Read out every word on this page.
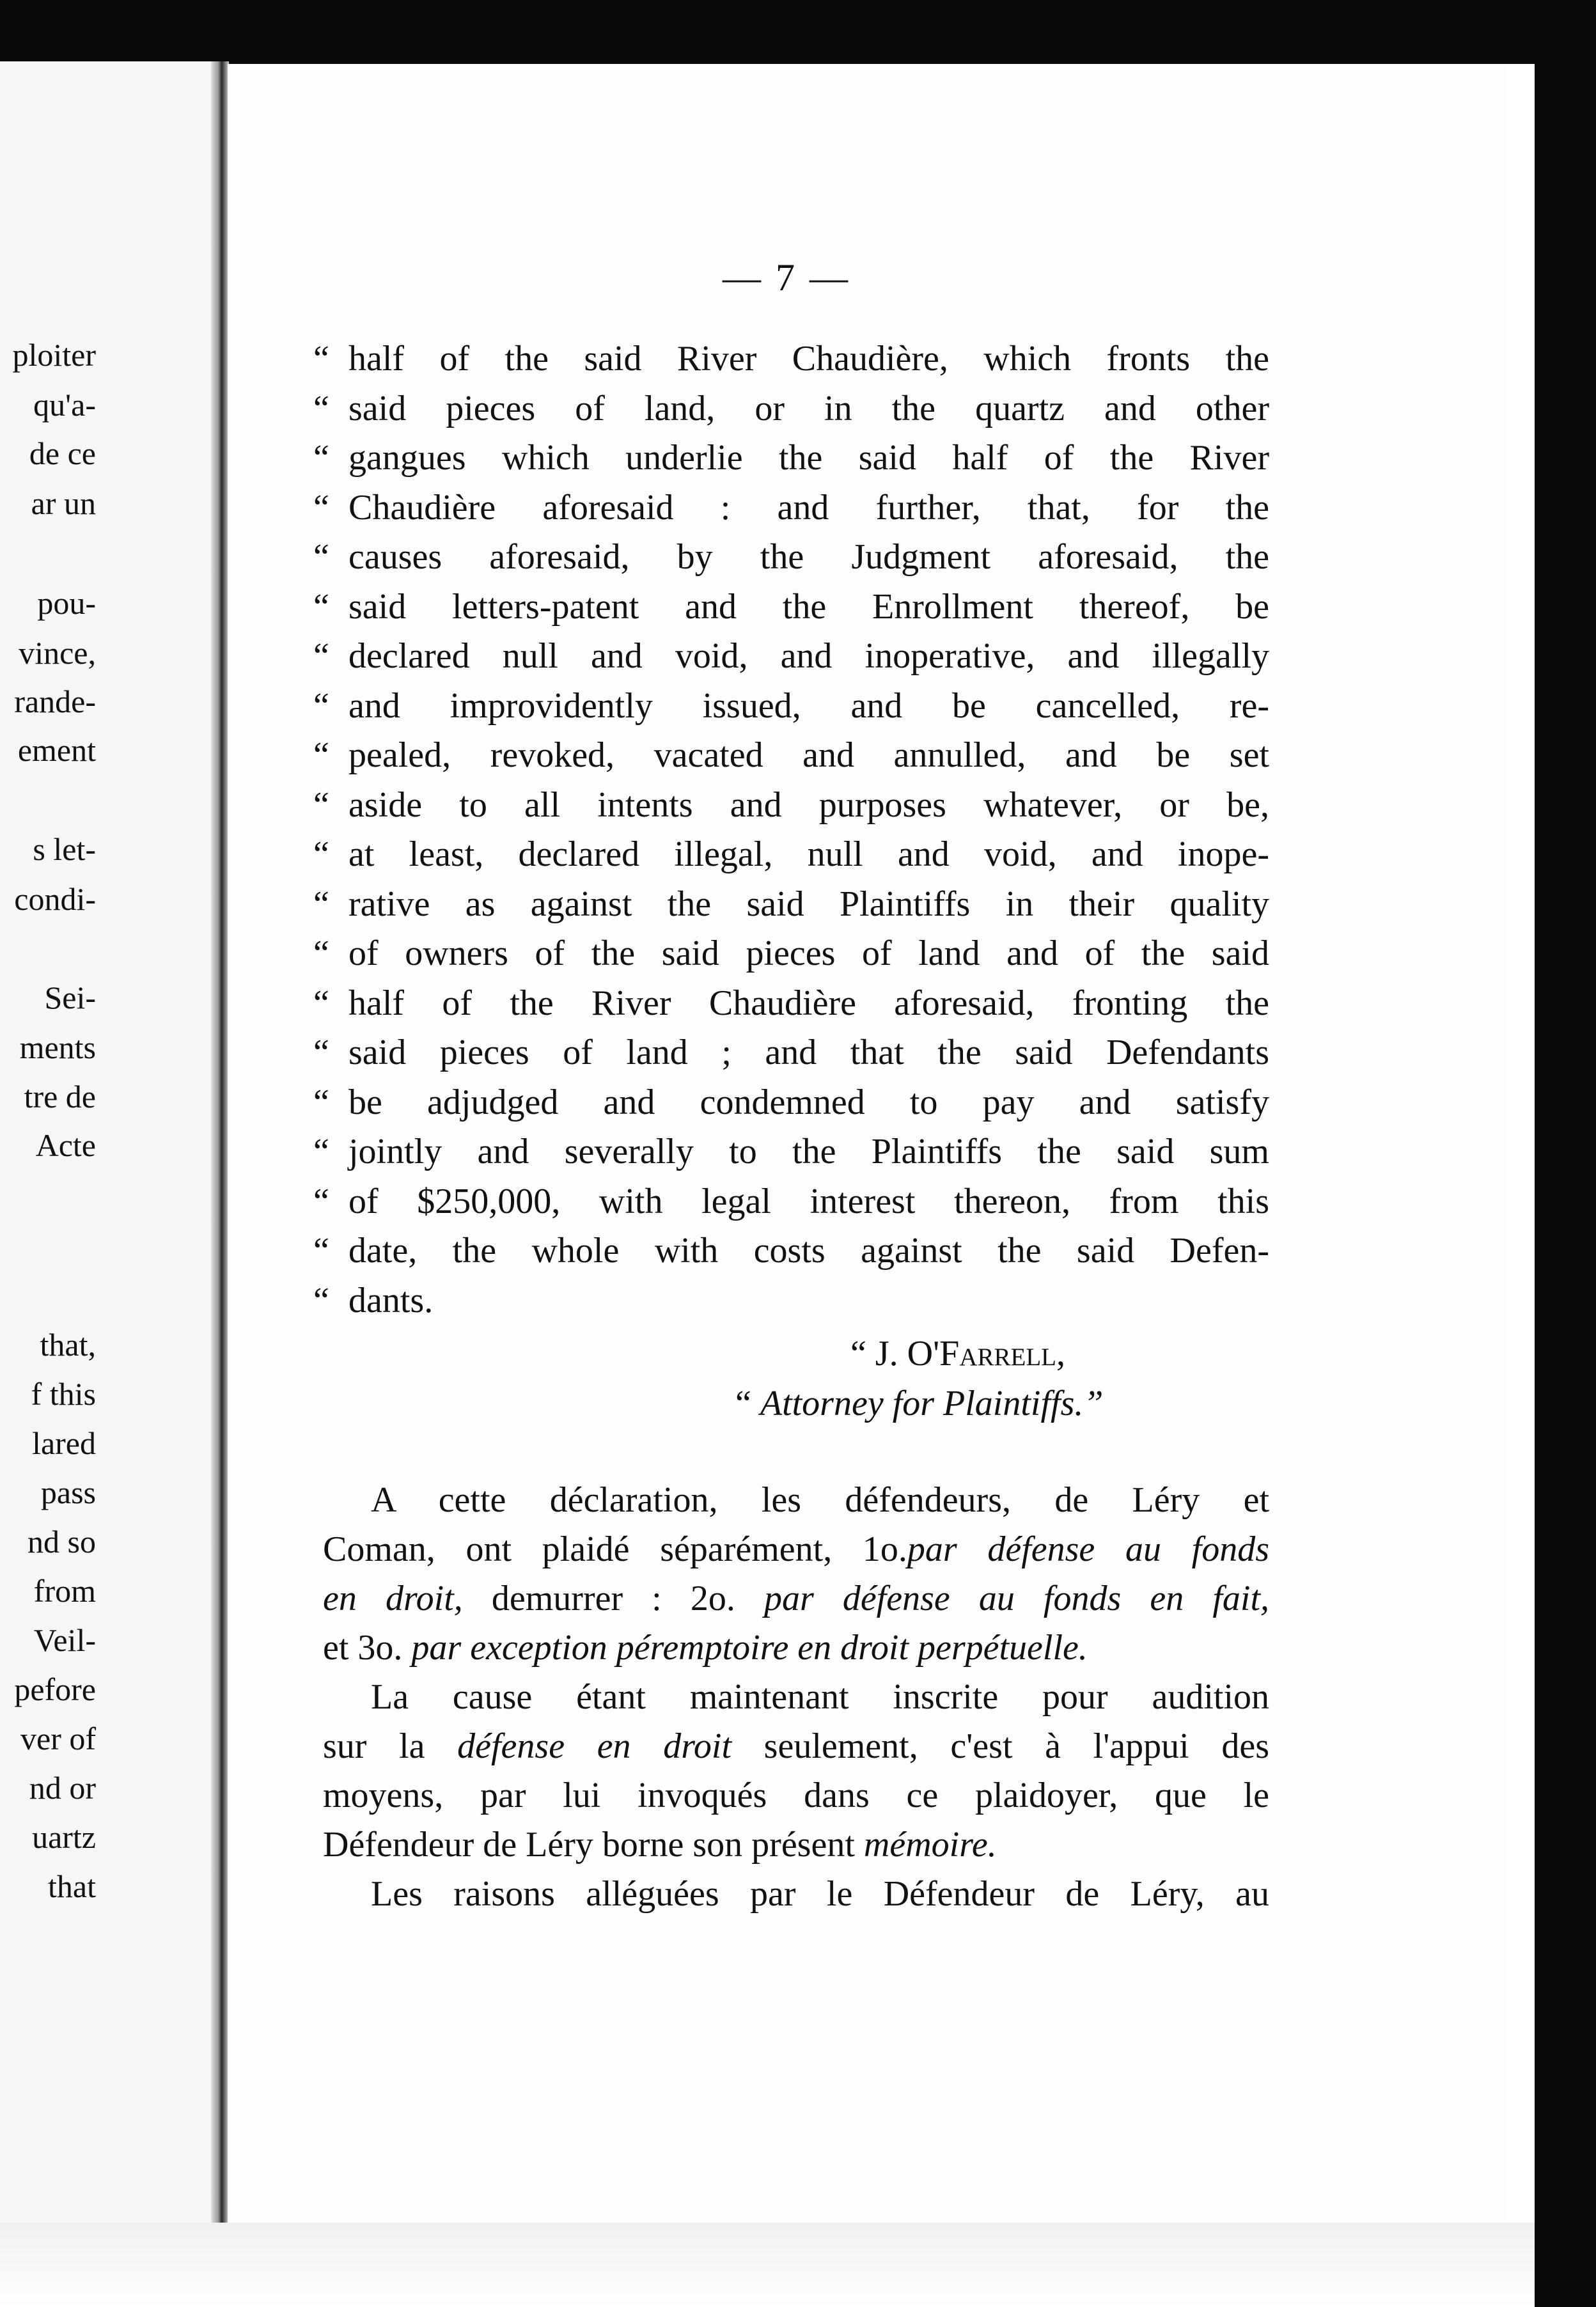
ploiter
qu'a-
de ce
ar un
pou-
vince,
rande-
ement
s let-
condi-
Sei-
ments
tre de
Acte
that,
f this
lared
pass
nd so
from
Veil-
pefore
ver of
nd or
uartz
that
— 7 —
“ half of the said River Chaudière, which fronts the
“ said pieces of land, or in the quartz and other
“ gangues which underlie the said half of the River
“ Chaudière aforesaid : and further, that, for the
“ causes aforesaid, by the Judgment aforesaid, the
“ said letters-patent and the Enrollment thereof, be
“ declared null and void, and inoperative, and illegally
“ and improvidently issued, and be cancelled, re-
“ pealed, revoked, vacated and annulled, and be set
“ aside to all intents and purposes whatever, or be,
“ at least, declared illegal, null and void, and inope-
“ rative as against the said Plaintiffs in their quality
“ of owners of the said pieces of land and of the said
“ half of the River Chaudière aforesaid, fronting the
“ said pieces of land ; and that the said Defendants
“ be adjudged and condemned to pay and satisfy
“ jointly and severally to the Plaintiffs the said sum
“ of $250,000, with legal interest thereon, from this
“ date, the whole with costs against the said Defen-
“ dants.
“ J. O'Farrell,
“ Attorney for Plaintiffs.”
A cette déclaration, les défendeurs, de Léry et
Coman, ont plaidé séparément, 1o.par défense au fonds
en droit, demurrer : 2o. par défense au fonds en fait,
et 3o. par exception péremptoire en droit perpétuelle.
La cause étant maintenant inscrite pour audition
sur la défense en droit seulement, c'est à l'appui des
moyens, par lui invoqués dans ce plaidoyer, que le
Défendeur de Léry borne son présent mémoire.
Les raisons alléguées par le Défendeur de Léry, au
